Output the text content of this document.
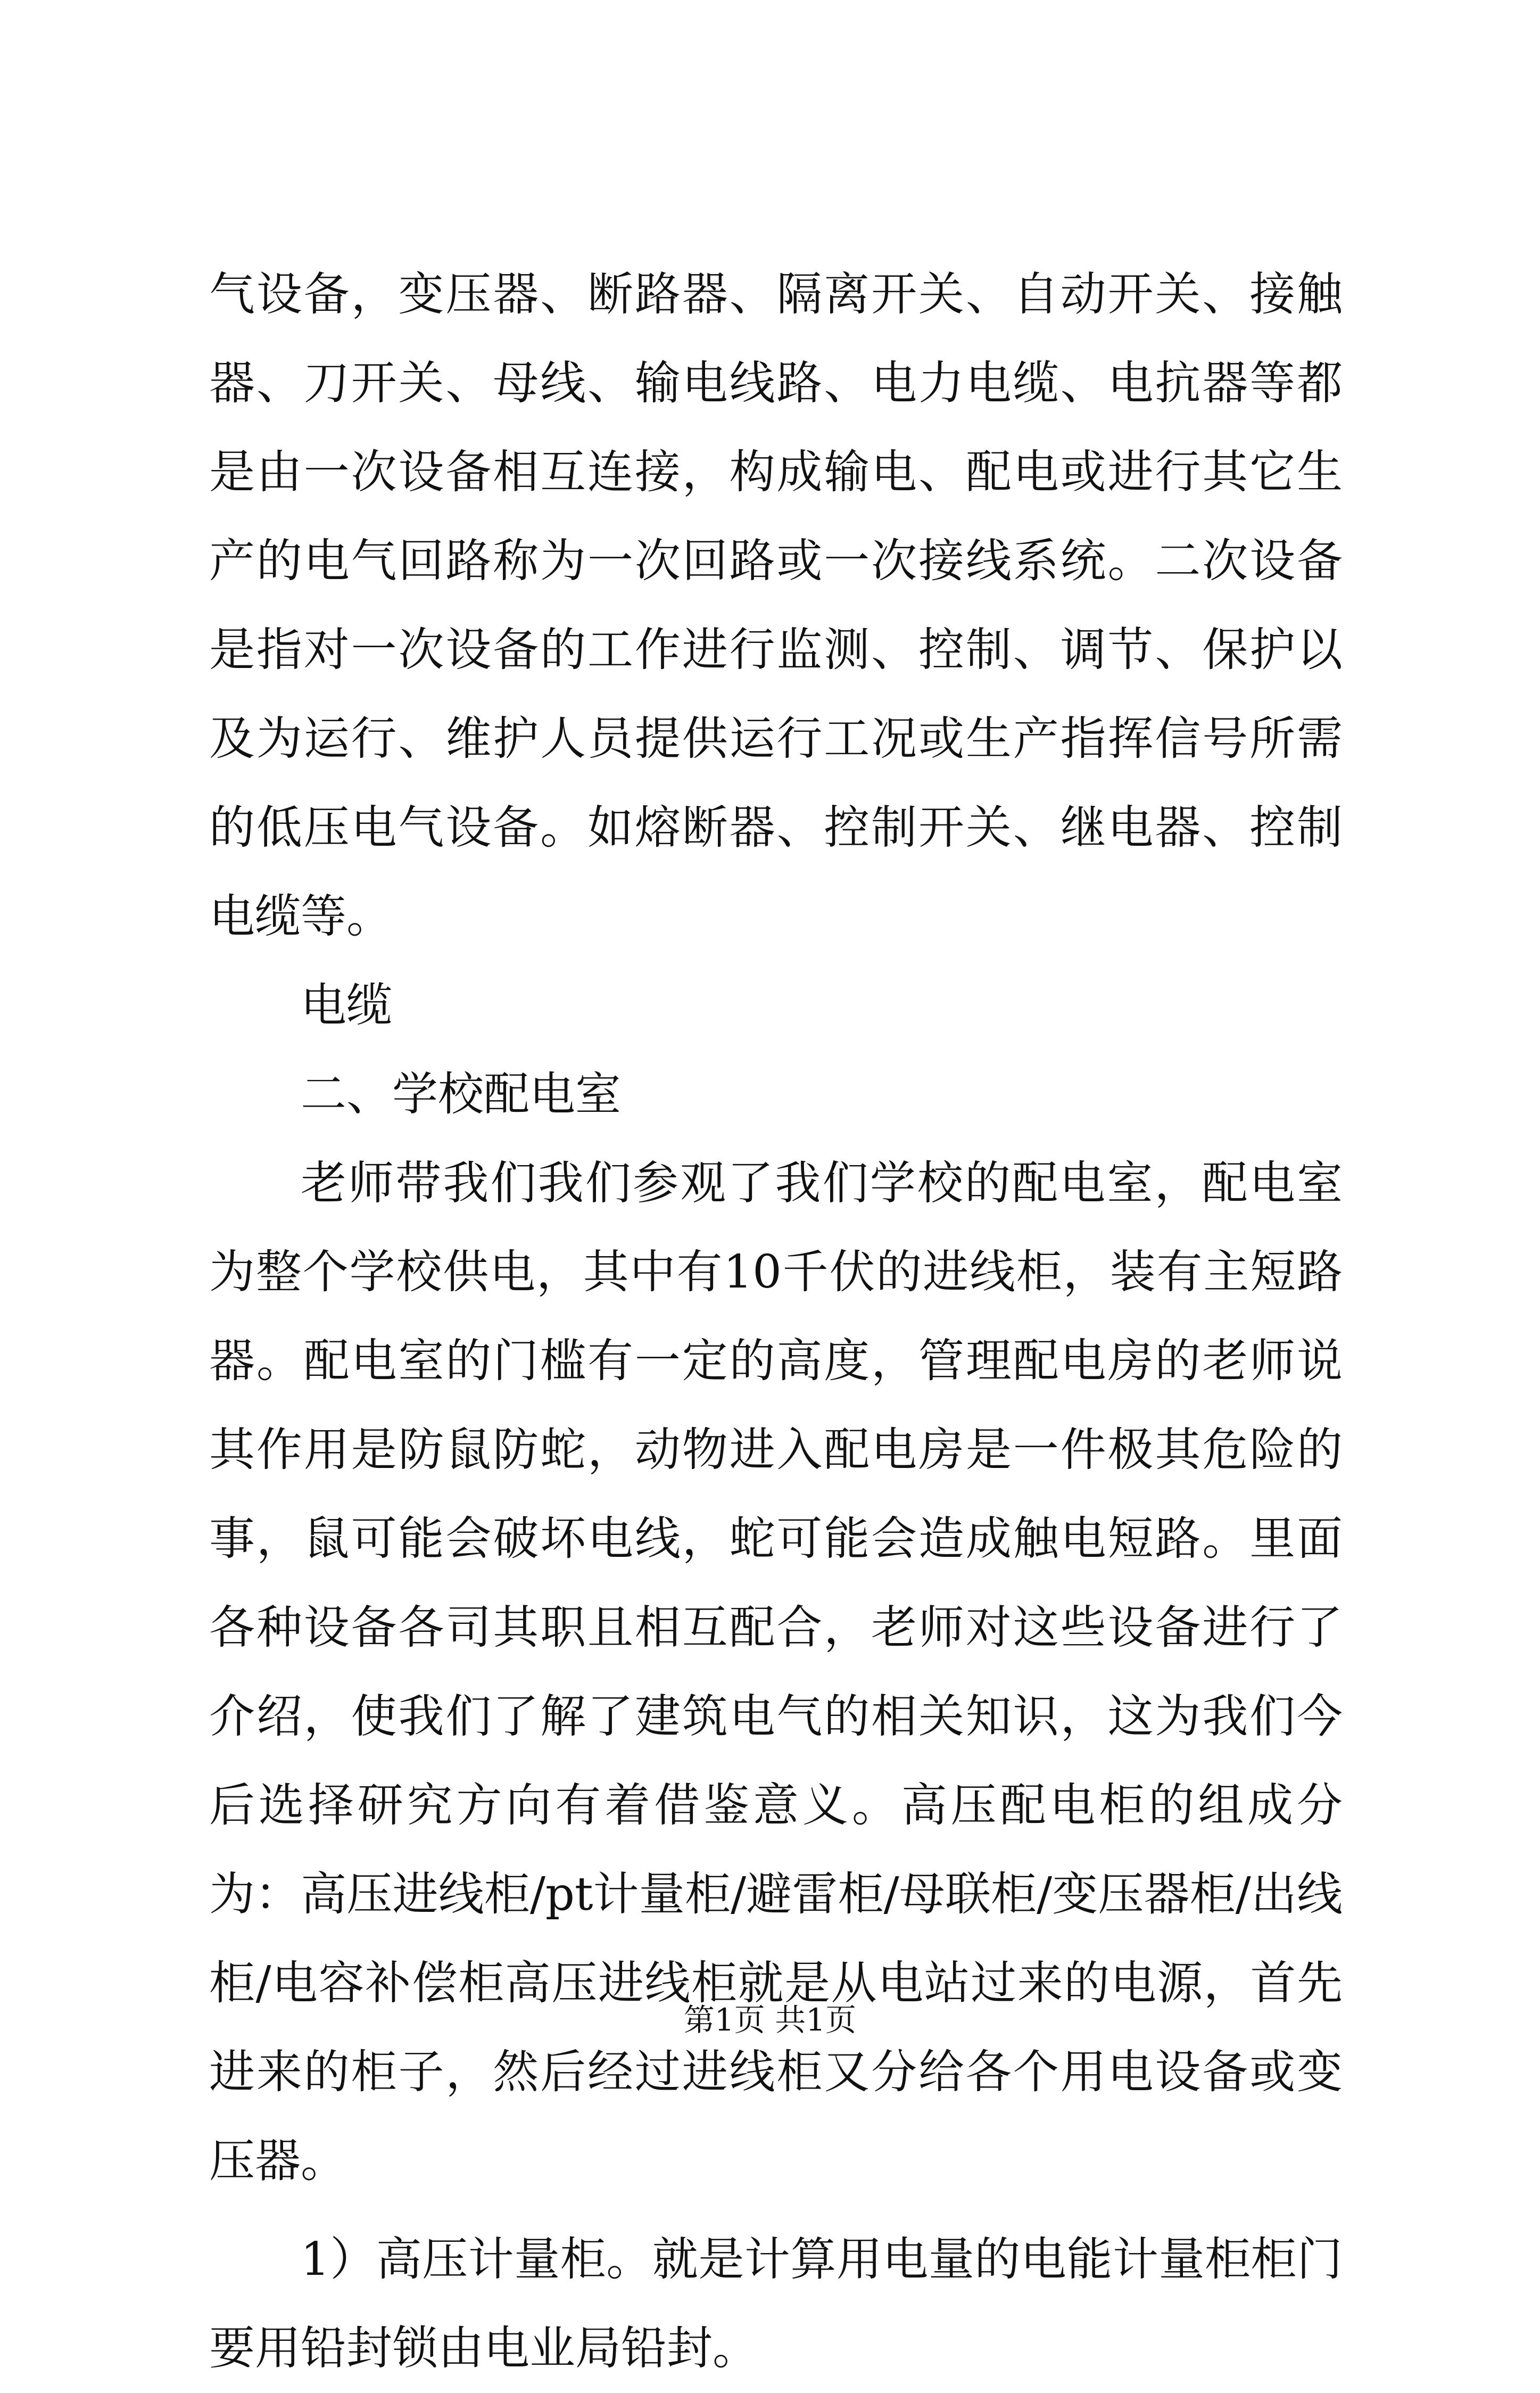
气设备，变压器、断路器、隔离开关、自动开关、接触器、刀开关、母线、输电线路、电力电缆、电抗器等都是由一次设备相互连接，构成输电、配电或进行其它生产的电气回路称为一次回路或一次接线系统。二次设备是指对一次设备的工作进行监测、控制、调节、保护以及为运行、维护人员提供运行工况或生产指挥信号所需的低压电气设备。如熔断器、控制开关、继电器、控制电缆等。

电缆

二、学校配电室

老师带我们我们参观了我们学校的配电室，配电室为整个学校供电，其中有10千伏的进线柜，装有主短路器。配电室的门槛有一定的高度，管理配电房的老师说其作用是防鼠防蛇，动物进入配电房是一件极其危险的事，鼠可能会破坏电线，蛇可能会造成触电短路。里面各种设备各司其职且相互配合，老师对这些设备进行了介绍，使我们了解了建筑电气的相关知识，这为我们今后选择研究方向有着借鉴意义。高压配电柜的组成分为：高压进线柜/pt计量柜/避雷柜/母联柜/变压器柜/出线柜/电容补偿柜高压进线柜就是从电站过来的电源，首先进来的柜子，然后经过进线柜又分给各个用电设备或变压器。

1）高压计量柜。就是计算用电量的电能计量柜柜门要用铅封锁由电业局铅封。

第1页 共1页
